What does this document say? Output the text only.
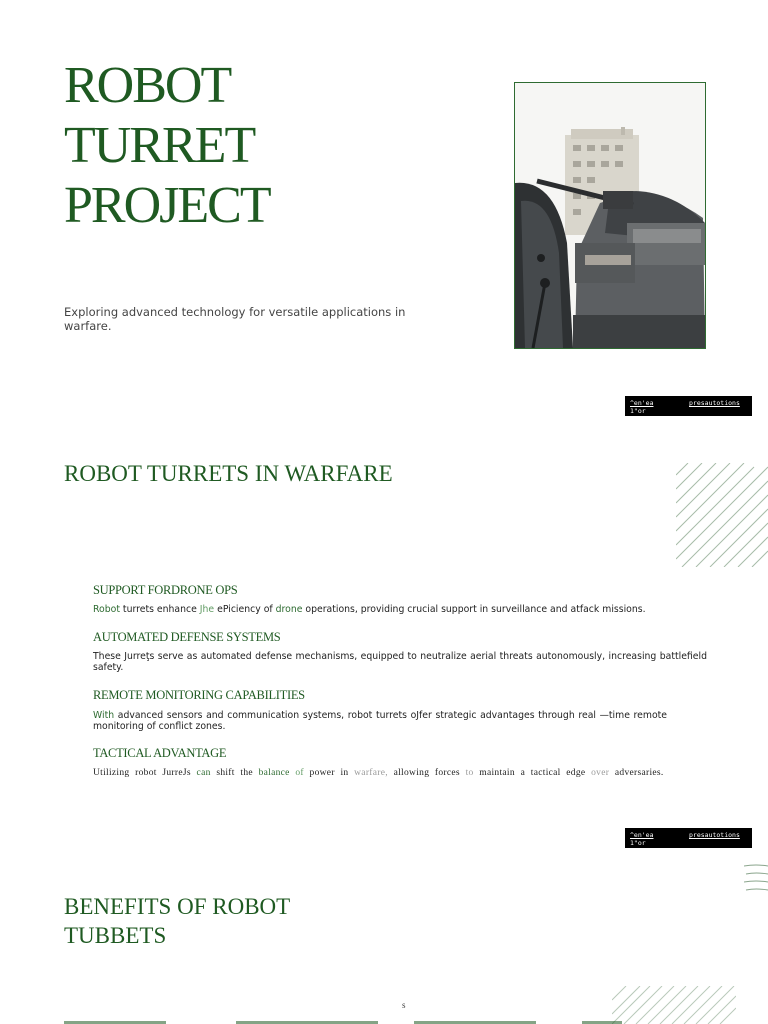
ROBOT
TURRET
PROJECT

Exploring advanced technology for versatile applications in warfare.

^en'ea	presautotions
1"or
ROBOT TURRETS IN WARFARE
SUPPORT FORDRONE OPS

Robot turrets enhance Jhe ePiciency of drone operations, providing crucial support in surveillance and atfack missions.

AUTOMATED DEFENSE SYSTEMS

These Jurreţs serve as automated defense mechanisms, equipped to neutralize aerial threats autonomously, increasing battlefield safety.

REMOTE MONITORING CAPABILITIES

With advanced sensors and communication systems, robot turrets oJfer strategic advantages through real —time remote monitoring of conflict zones.

TACTICAL ADVANTAGE

Utilizing robot JurreJs can shift the balance of power in warfare, allowing forces to maintain a tactical edge over adversaries.

^en'ea	presautotions
1"or
BENEFITS OF ROBOT
TUBBETS
s
